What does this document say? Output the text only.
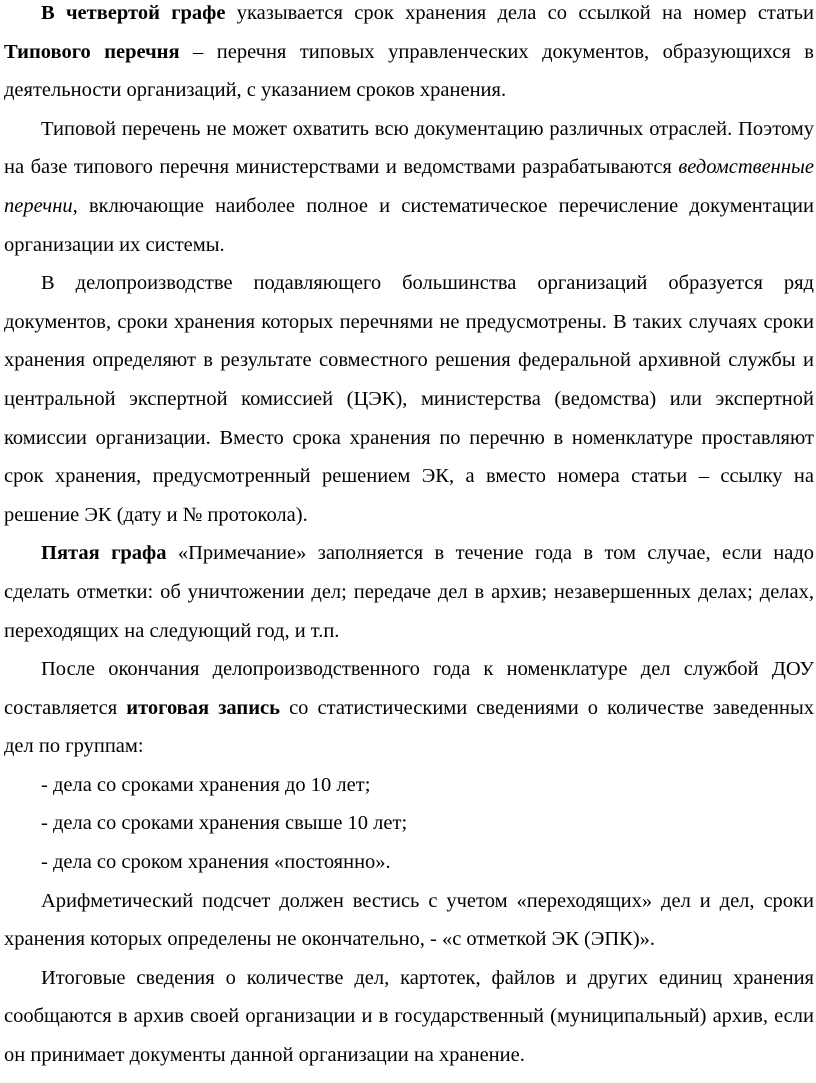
В четвертой графе указывается срок хранения дела со ссылкой на номер статьи Типового перечня – перечня типовых управленческих документов, образующихся в деятельности организаций, с указанием сроков хранения.

Типовой перечень не может охватить всю документацию различных отраслей. Поэтому на базе типового перечня министерствами и ведомствами разрабатываются ведомственные перечни, включающие наиболее полное и систематическое перечисление документации организации их системы.

В делопроизводстве подавляющего большинства организаций образуется ряд документов, сроки хранения которых перечнями не предусмотрены. В таких случаях сроки хранения определяют в результате совместного решения федеральной архивной службы и центральной экспертной комиссией (ЦЭК), министерства (ведомства) или экспертной комиссии организации. Вместо срока хранения по перечню в номенклатуре проставляют срок хранения, предусмотренный решением ЭК, а вместо номера статьи – ссылку на решение ЭК (дату и № протокола).

Пятая графа «Примечание» заполняется в течение года в том случае, если надо сделать отметки: об уничтожении дел; передаче дел в архив; незавершенных делах; делах, переходящих на следующий год, и т.п.

После окончания делопроизводственного года к номенклатуре дел службой ДОУ составляется итоговая запись со статистическими сведениями о количестве заведенных дел по группам:

- дела со сроками хранения до 10 лет;

- дела со сроками хранения свыше 10 лет;

- дела со сроком хранения «постоянно».

Арифметический подсчет должен вестись с учетом «переходящих» дел и дел, сроки хранения которых определены не окончательно, - «с отметкой ЭК (ЭПК)».

Итоговые сведения о количестве дел, картотек, файлов и других единиц хранения сообщаются в архив своей организации и в государственный (муниципальный) архив, если он принимает документы данной организации на хранение.
